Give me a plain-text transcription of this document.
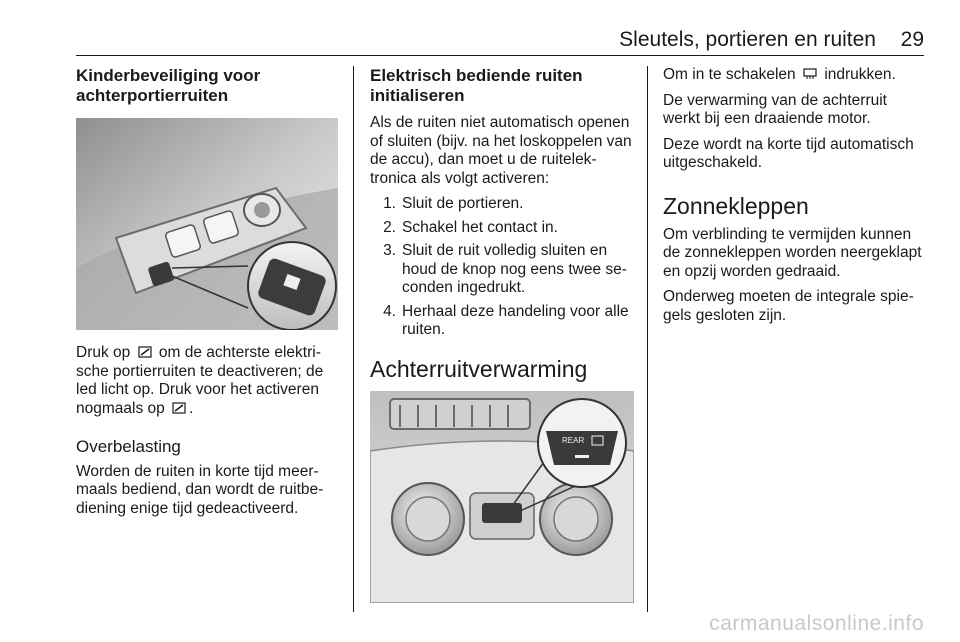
Sleutels, portieren en ruiten 29
Kinderbeveiliging voor achterportierruiten

Druk op om de achterste elektrische portierruiten te deactiveren; de led licht op. Druk voor het activeren nogmaals op .

Overbelasting

Worden de ruiten in korte tijd meermaals bediend, dan wordt de ruitbediening enige tijd gedeactiveerd.

Elektrisch bediende ruiten initialiseren

Als de ruiten niet automatisch openen of sluiten (bijv. na het loskoppelen van de accu), dan moet u de ruitelektronica als volgt activeren:

1. Sluit de portieren.
2. Schakel het contact in.
3. Sluit de ruit volledig sluiten en houd de knop nog eens twee seconden ingedrukt.
4. Herhaal deze handeling voor alle ruiten.
Achterruitverwarming
REAR

Om in te schakelen indrukken.

De verwarming van de achterruit werkt bij een draaiende motor.

Deze wordt na korte tijd automatisch uitgeschakeld.

Zonnekleppen

Om verblinding te vermijden kunnen de zonnekleppen worden neergeklapt en opzij worden gedraaid.

Onderweg moeten de integrale spiegels gesloten zijn.

carmanualsonline.info
